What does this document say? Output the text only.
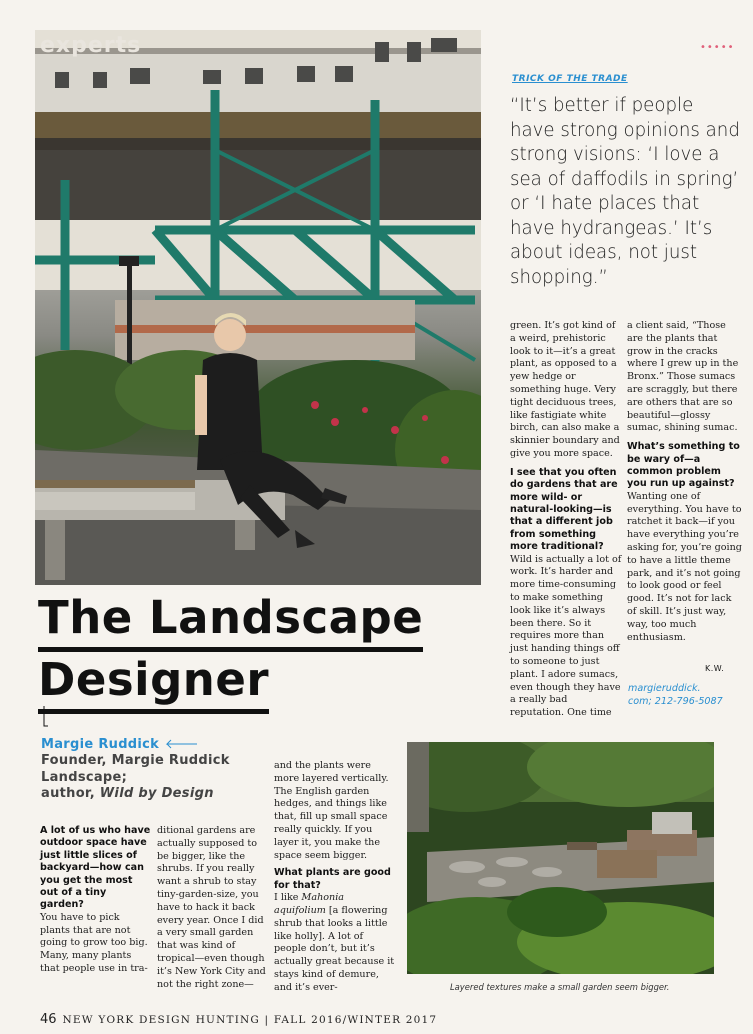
experts	•••••
TRICK OF THE TRADE
“It’s better if people have strong opinions and strong visions: ‘I love a sea of daffodils in spring’ or ‘I hate places that have hydrangeas.’ It’s about ideas, not just shopping.”

green. It’s got kind of a weird, prehistoric look to it—it’s a great plant, as opposed to a yew hedge or something huge. Very tight deciduous trees, like fastigiate white birch, can also make a skinnier boundary and give you more space.

I see that you often do gardens that are more wild- or natural-looking—is that a different job from something more traditional?

Wild is actually a lot of work. It’s harder and more time-consuming to make something look like it’s always been there. So it requires more than just handing things off to someone to just plant. I adore sumacs, even though they have a really bad reputation. One time

a client said, “Those are the plants that grow in the cracks where I grew up in the Bronx.” Those sumacs are scraggly, but there are others that are so beautiful—glossy sumac, shining sumac.

What’s something to be wary of—a common problem you run up against?

Wanting one of everything. You have to ratchet it back—if you have everything you’re asking for, you’re going to have a little theme park, and it’s not going to look good or feel good. It’s not for lack of skill. It’s just way, way, too much enthusiasm.

K.W.
margieruddick.
com; 212-796-5087
The Landscape
Designer
Margie Ruddick
Founder, Margie Ruddick
Landscape;
author, Wild by Design

A lot of us who have outdoor space have just little slices of backyard—how can you get the most out of a tiny garden?

You have to pick plants that are not going to grow too big. Many, many plants that people use in tra-

ditional gardens are actually supposed to be bigger, like the shrubs. If you really want a shrub to stay tiny-garden-size, you have to hack it back every year. Once I did a very small garden that was kind of tropical—even though it’s New York City and not the right zone—

and the plants were more layered vertically. The English garden hedges, and things like that, fill up small space really quickly. If you layer it, you make the space seem bigger.

What plants are good for that?

I like Mahonia aquifolium [a flowering shrub that looks a little like holly]. A lot of people don’t, but it’s actually great because it stays kind of demure, and it’s ever-	Layered textures make a small garden seem bigger.
46 NEW YORK DESIGN HUNTING | FALL 2016/WINTER 2017
